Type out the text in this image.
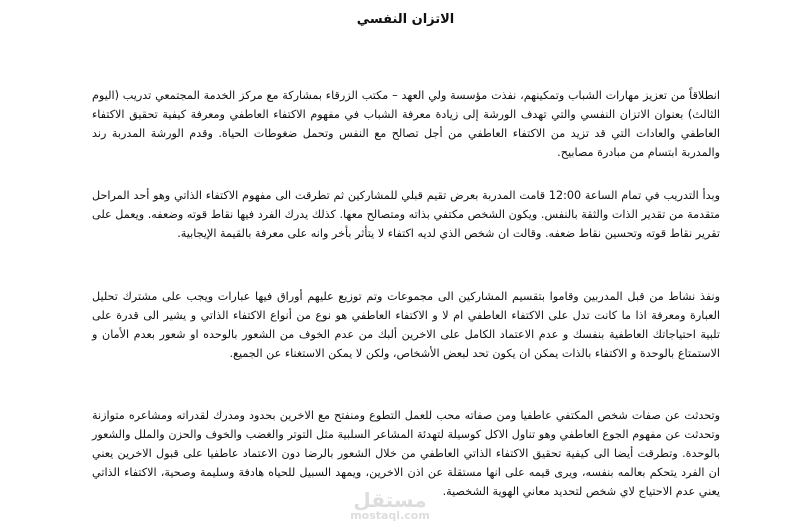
الاتزان النفسي

انطلاقاً من تعزيز مهارات الشباب وتمكينهم، نفذت مؤسسة ولي العهد – مكتب الزرقاء بمشاركة مع مركز الخدمة المجتمعي تدريب (اليوم الثالث) بعنوان الاتزان النفسي والتي تهدف الورشة إلى زيادة معرفة الشباب في مفهوم الاكتفاء العاطفي ومعرفة كيفية تحقيق الاكتفاء العاطفي والعادات التي قد تزيد من الاكتفاء العاطفي من أجل تصالح مع النفس وتحمل ضغوطات الحياة. وقدم الورشة المدربة رند والمدربة ابتسام من مبادرة مصابيح.

وبدأ التدريب في تمام الساعة 12:00 قامت المدربة بعرض تقيم قبلي للمشاركين ثم تطرقت الى مفهوم الاكتفاء الذاتي وهو أحد المراحل متقدمة من تقدير الذات والثقة بالنفس. ويكون الشخص مكتفي بذاته ومتصالح معها. كذلك يدرك الفرد فيها نقاط قوته وضعفه. ويعمل على تقرير نقاط قوته وتحسين نقاط ضعفه. وقالت ان شخص الذي لديه اكتفاء لا يتأثر بأخر وانه على معرفة بالقيمة الإيجابية.

ونفذ نشاط من قبل المدربين وقاموا بتقسيم المشاركين الى مجموعات وتم توزيع عليهم أوراق فيها عبارات ويجب على مشترك تحليل العبارة ومعرفة اذا ما كانت تدل على الاكتفاء العاطفي ام لا و الاكتفاء العاطفي هو نوع من أنواع الاكتفاء الذاتي و يشير الى قدرة على تلبية احتياجاتك العاطفية بنفسك و عدم الاعتماد الكامل على الاخرين ألبك من عدم الخوف من الشعور بالوحده او شعور بعدم الأمان و الاستمتاع بالوحدة و الاكتفاء بالذات يمكن ان يكون تحد لبعض الأشخاص، ولكن لا يمكن الاستغناء عن الجميع.

وتحدثت عن صفات شخص المكتفي عاطفيا ومن صفاته محب للعمل التطوع ومنفتح مع الاخرين بحدود ومدرك لقدراته ومشاعره متوازنة وتحدثت عن مفهوم الجوع العاطفي وهو تناول الاكل كوسيلة لتهدئة المشاعر السلبية مثل التوتر والغضب والخوف والحزن والملل والشعور بالوحدة. وتطرقت أيضا الى كيفية تحقيق الاكتفاء الذاتي العاطفي من خلال الشعور بالرضا دون الاعتماد عاطفيا على قبول الاخرين يعني ان الفرد يتحكم بعالمه بنفسه، ويرى قيمه على انها مستقلة عن اذن الاخرين، ويمهد السبيل للحياه هادفة وسليمة وصحية، الاكتفاء الذاتي يعني عدم الاحتياج لاي شخص لتحديد معاني الهوية الشخصية.

مستقل
mostaql.com
